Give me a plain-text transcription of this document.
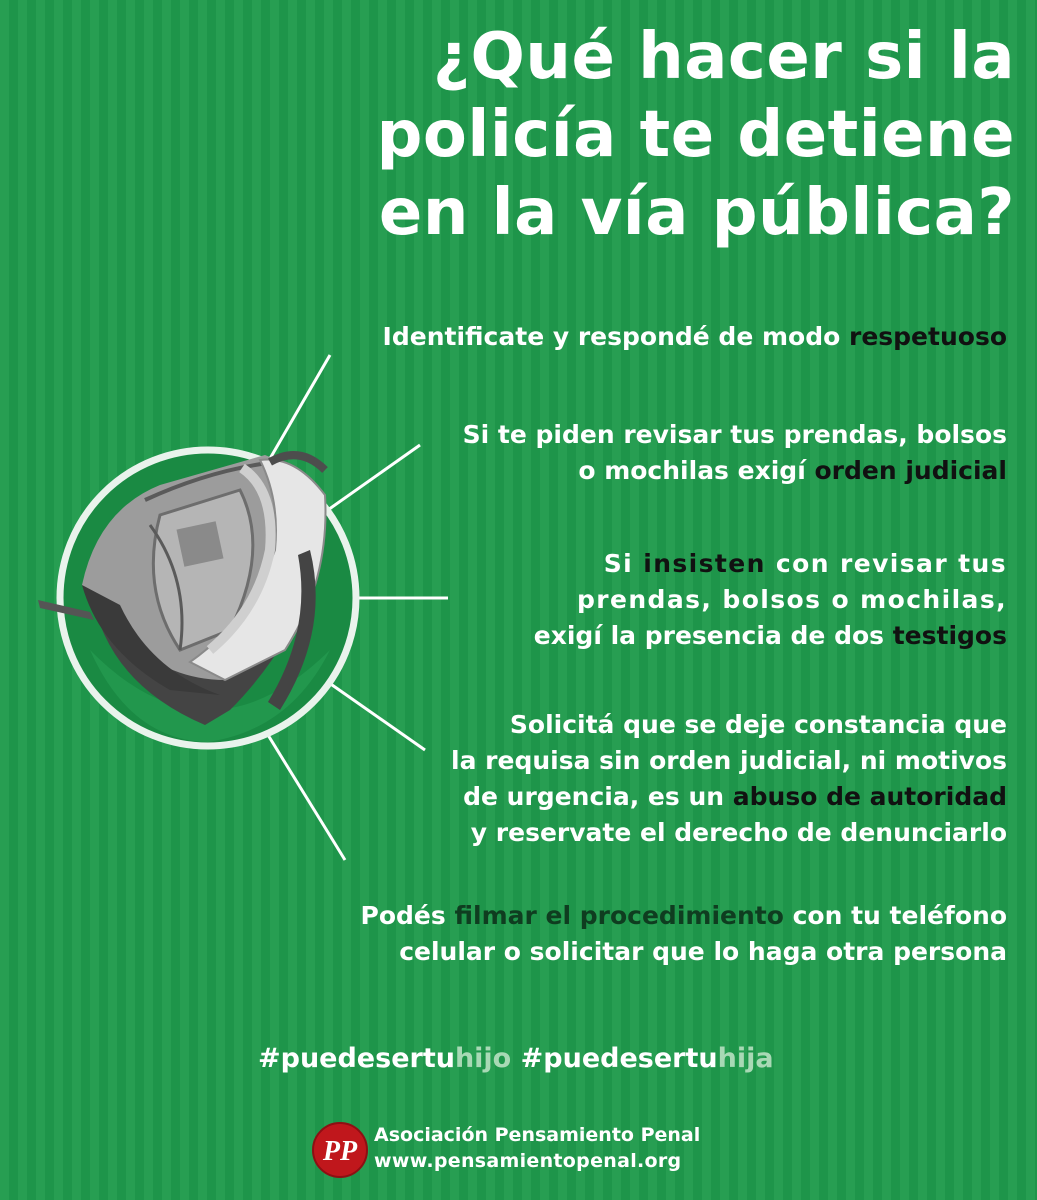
¿Qué hacer si la
policía te detiene
en la vía pública?
Identificate y respondé de modo respetuoso
Si te piden revisar tus prendas, bolsos
o mochilas exigí orden judicial
Si insisten con revisar tus
prendas, bolsos o mochilas,
exigí la presencia de dos testigos
Solicitá que se deje constancia que
la requisa sin orden judicial, ni motivos
de urgencia, es un abuso de autoridad
y reservate el derecho de denunciarlo
Podés filmar el procedimiento con tu teléfono
celular o solicitar que lo haga otra persona
#puedesertuhijo #puedesertuhija
PP
Asociación Pensamiento Penal
www.pensamientopenal.org
